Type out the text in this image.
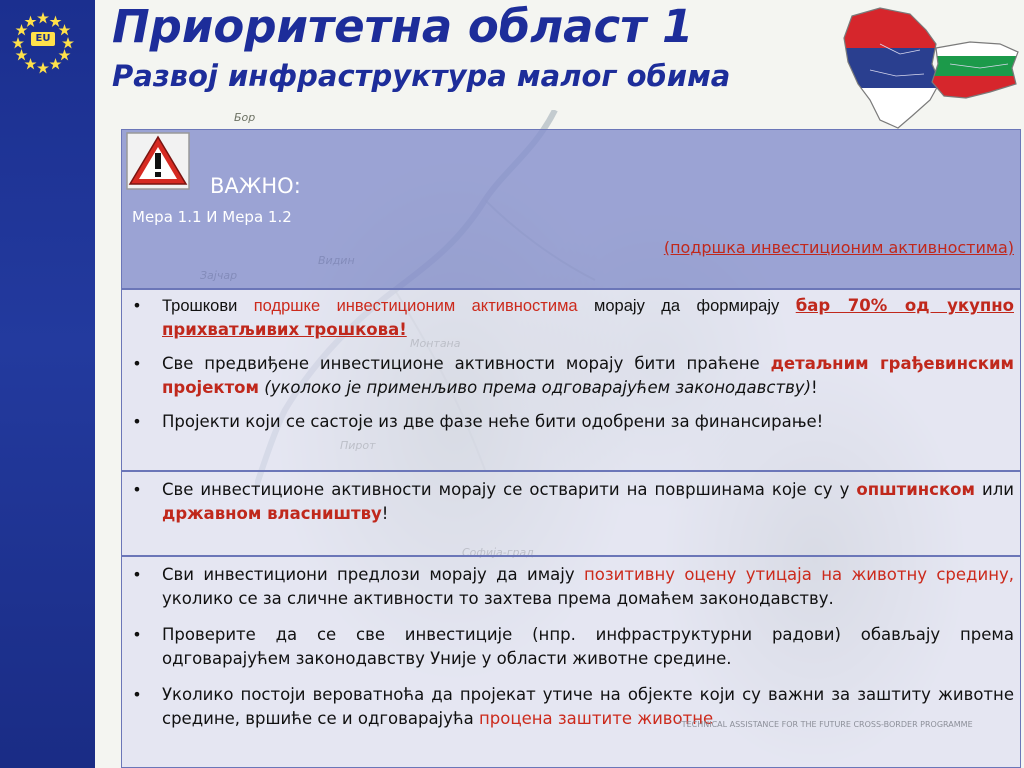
EU
Бор
Приоритетна област 1
Развој инфраструктура малог обима
ВАЖНО:
Мера 1.1 И Мера 1.2
(подршка инвестиционим активностима)
• Трошкови подршке инвестиционим активностима морају да формирају бар 70% од укупно прихватљивих трошкова!
• Све предвиђене инвестиционе активности морају бити праћене детаљним грађевинским пројектом (уколоко је применљиво према одговарајућем законодавству)!
• Пројекти који се састоје из две фазе неће бити одобрени за финансирање!
• Све инвестиционе активности морају се остварити на површинама које су у општинском или државном власништву!
• Сви инвестициони предлози морају да имају позитивну оцену утицаја на животну средину, уколико се за сличне активности то захтева према домаћем законодавству.
• Проверите да се све инвестиције (нпр. инфраструктурни радови) обављају према одговарајућем законодавству Уније у области животне средине.
• Уколико постоји вероватноћа да пројекат утиче на објекте који су важни за заштиту животне средине, вршиће се и одговарајућа процена заштите животне
"TECHNICAL ASSISTANCE FOR THE FUTURE CROSS-BORDER PROGRAMME
